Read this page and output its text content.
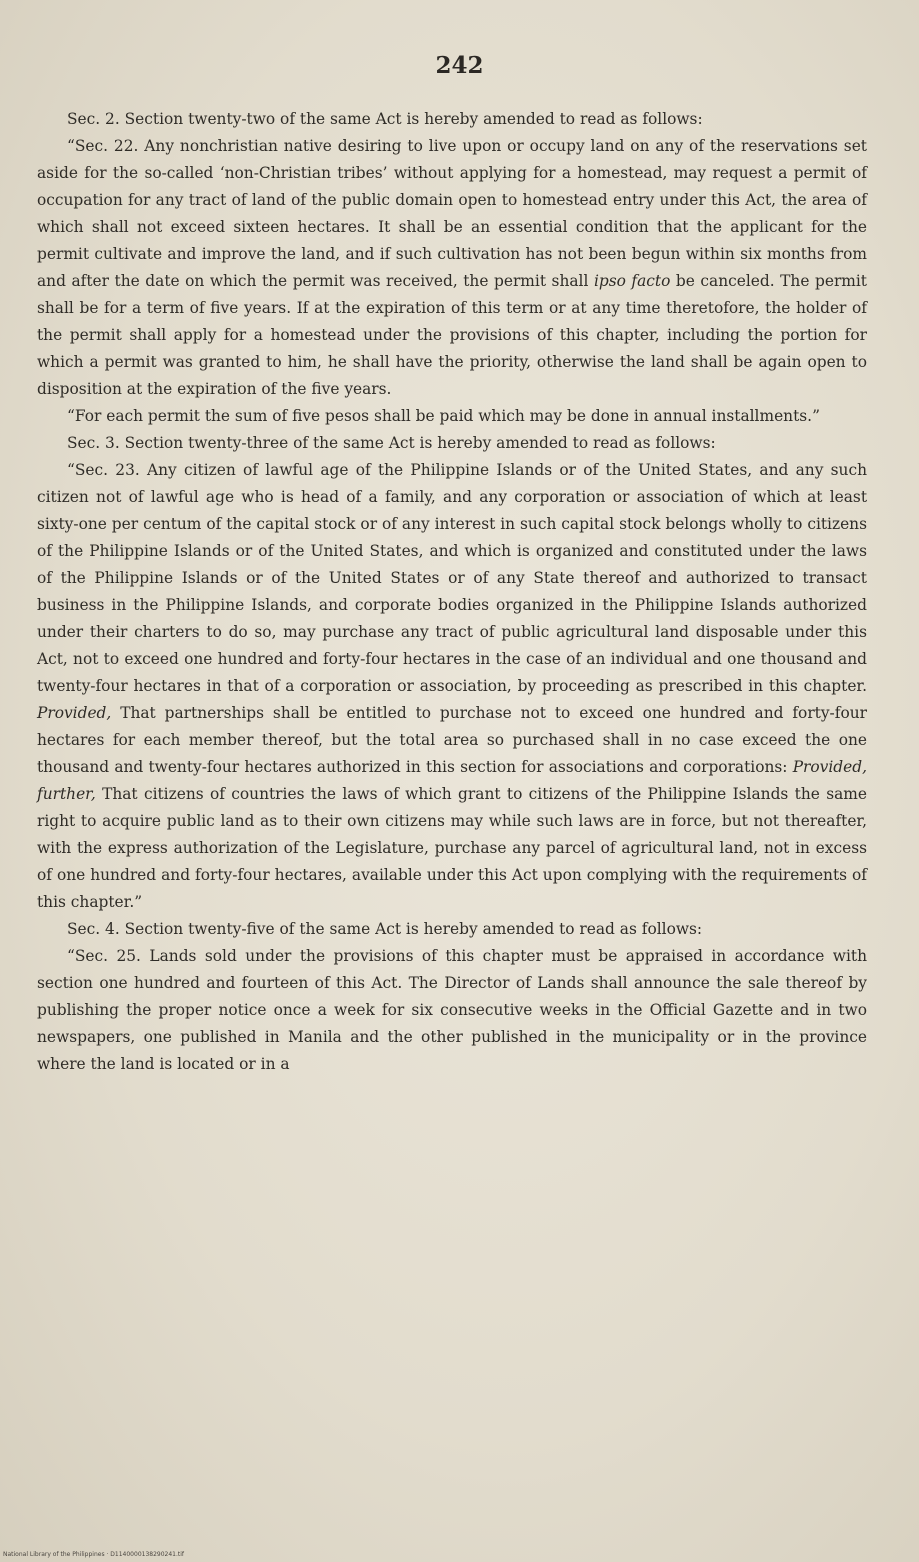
242

Sec. 2. Section twenty-two of the same Act is hereby amended to read as follows:

“Sec. 22. Any nonchristian native desiring to live upon or occupy land on any of the reservations set aside for the so-called ‘non-Christian tribes’ without applying for a homestead, may request a permit of occupation for any tract of land of the public domain open to homestead entry under this Act, the area of which shall not exceed sixteen hectares. It shall be an essential condition that the applicant for the permit cultivate and improve the land, and if such cultivation has not been begun within six months from and after the date on which the permit was received, the permit shall ipso facto be canceled. The permit shall be for a term of five years. If at the expiration of this term or at any time theretofore, the holder of the permit shall apply for a homestead under the provisions of this chapter, including the portion for which a permit was granted to him, he shall have the priority, otherwise the land shall be again open to disposition at the expiration of the five years.

“For each permit the sum of five pesos shall be paid which may be done in annual installments.”

Sec. 3. Section twenty-three of the same Act is hereby amended to read as follows:

“Sec. 23. Any citizen of lawful age of the Philippine Islands or of the United States, and any such citizen not of lawful age who is head of a family, and any corporation or association of which at least sixty-one per centum of the capital stock or of any interest in such capital stock belongs wholly to citizens of the Philippine Islands or of the United States, and which is organized and constituted under the laws of the Philippine Islands or of the United States or of any State thereof and authorized to transact business in the Philippine Islands, and corporate bodies organized in the Philippine Islands authorized under their charters to do so, may purchase any tract of public agricultural land disposable under this Act, not to exceed one hundred and forty-four hectares in the case of an individual and one thousand and twenty-four hectares in that of a corporation or association, by proceeding as prescribed in this chapter. Provided, That partnerships shall be entitled to purchase not to exceed one hundred and forty-four hectares for each member thereof, but the total area so purchased shall in no case exceed the one thousand and twenty-four hectares authorized in this section for associations and corporations: Provided, further, That citizens of countries the laws of which grant to citizens of the Philippine Islands the same right to acquire public land as to their own citizens may while such laws are in force, but not thereafter, with the express authorization of the Legislature, purchase any parcel of agricultural land, not in excess of one hundred and forty-four hectares, available under this Act upon complying with the requirements of this chapter.”

Sec. 4. Section twenty-five of the same Act is hereby amended to read as follows:

“Sec. 25. Lands sold under the provisions of this chapter must be appraised in accordance with section one hundred and fourteen of this Act. The Director of Lands shall announce the sale thereof by publishing the proper notice once a week for six consecutive weeks in the Official Gazette and in two newspapers, one published in Manila and the other published in the municipality or in the province where the land is located or in a

National Library of the Philippines · D1140000138290241.tif
